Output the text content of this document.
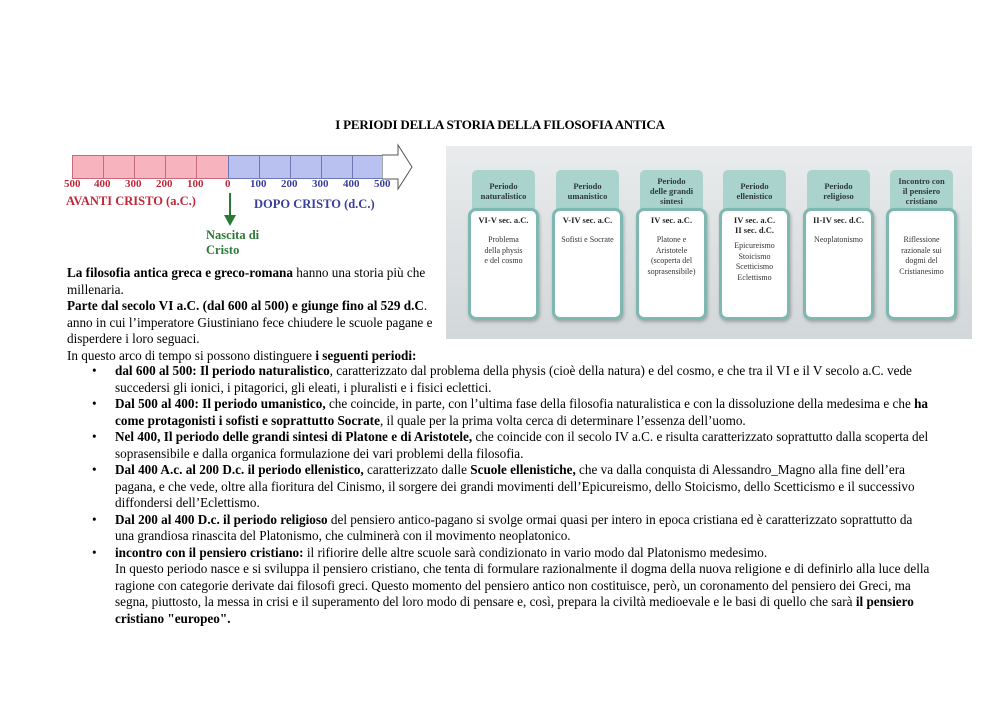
I PERIODI DELLA STORIA DELLA FILOSOFIA ANTICA
500 400 300 200 100 0 100 200 300 400 500
AVANTI CRISTO (a.C.)	DOPO CRISTO (d.C.)
Nascita di
Cristo
Periodo
naturalistico
VI-V sec. a.C.
Problema
della physis
e del cosmo
Periodo
umanistico
V-IV sec. a.C.
Sofisti e Socrate
Periodo
delle grandi
sintesi
IV sec. a.C.
Platone e
Aristotele
(scoperta del
soprasensibile)
Periodo
ellenistico
IV sec. a.C.
II sec. d.C.
Epicureismo
Stoicismo
Scetticismo
Eclettismo
Periodo
religioso
II-IV sec. d.C.
Neoplatonismo
Incontro con
il pensiero
cristiano

Riflessione
razionale sui
dogmi del
Cristianesimo

La filosofia antica greca e greco-romana hanno una storia più che millenaria.

Parte dal secolo VI a.C. (dal 600 al 500) e giunge fino al 529 d.C. anno in cui l’imperatore Giustiniano fece chiudere le scuole pagane e disperdere i loro seguaci.

In questo arco di tempo si possono distinguere i seguenti periodi:

• dal 600 al 500: Il periodo naturalistico, caratterizzato dal problema della physis (cioè della natura) e del cosmo, e che tra il VI e il V secolo a.C. vede succedersi gli ionici, i pitagorici, gli eleati, i pluralisti e i fisici eclettici.
• Dal 500 al 400: Il periodo umanistico, che coincide, in parte, con l’ultima fase della filosofia naturalistica e con la dissoluzione della medesima e che ha come protagonisti i sofisti e soprattutto Socrate, il quale per la prima volta cerca di determinare l’essenza dell’uomo.
• Nel 400, Il periodo delle grandi sintesi di Platone e di Aristotele, che coincide con il secolo IV a.C. e risulta caratterizzato soprattutto dalla scoperta del soprasensibile e dalla organica formulazione dei vari problemi della filosofia.
• Dal 400 A.c. al 200 D.c. il periodo ellenistico, caratterizzato dalle Scuole ellenistiche, che va dalla conquista di Alessandro_Magno alla fine dell’era pagana, e che vede, oltre alla fioritura del Cinismo, il sorgere dei grandi movimenti dell’Epicureismo, dello Stoicismo, dello Scetticismo e il successivo diffondersi dell’Eclettismo.
• Dal 200 al 400 D.c. il periodo religioso del pensiero antico-pagano si svolge ormai quasi per intero in epoca cristiana ed è caratterizzato soprattutto da una grandiosa rinascita del Platonismo, che culminerà con il movimento neoplatonico.
• incontro con il pensiero cristiano: il rifiorire delle altre scuole sarà condizionato in vario modo dal Platonismo medesimo.
In questo periodo nasce e si sviluppa il pensiero cristiano, che tenta di formulare razionalmente il dogma della nuova religione e di definirlo alla luce della ragione con categorie derivate dai filosofi greci. Questo momento del pensiero antico non costituisce, però, un coronamento del pensiero dei Greci, ma segna, piuttosto, la messa in crisi e il superamento del loro modo di pensare e, così, prepara la civiltà medioevale e le basi di quello che sarà il pensiero cristiano "europeo".
